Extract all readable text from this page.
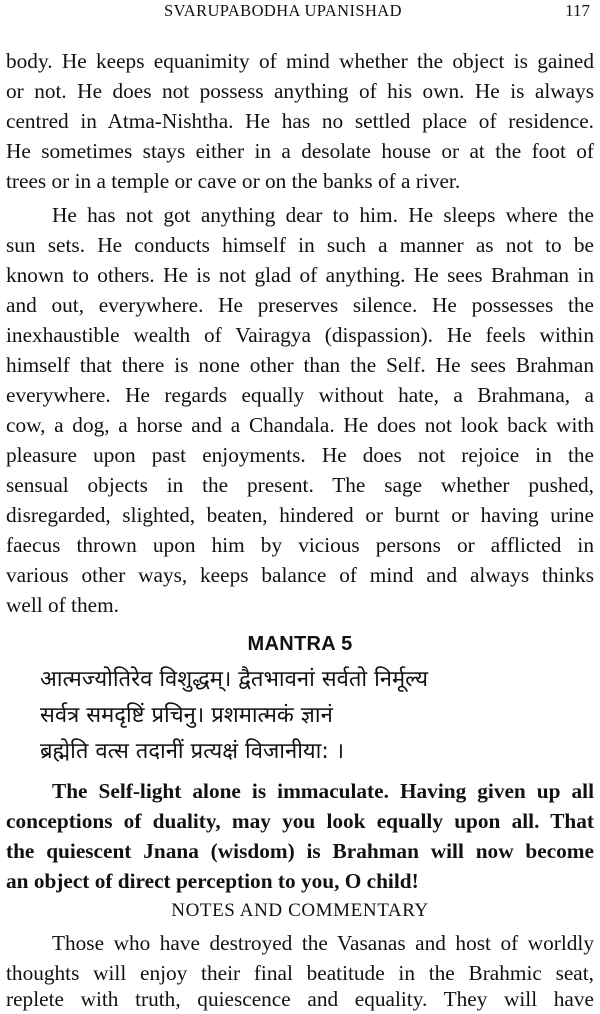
SVARUPABODHA UPANISHAD	117
body. He keeps equanimity of mind whether the object is gained
or not. He does not possess anything of his own. He is always
centred in Atma-Nishtha. He has no settled place of residence.
He sometimes stays either in a desolate house or at the foot of
trees or in a temple or cave or on the banks of a river.
He has not got anything dear to him. He sleeps where the
sun sets. He conducts himself in such a manner as not to be
known to others. He is not glad of anything. He sees Brahman in
and out, everywhere. He preserves silence. He possesses the
inexhaustible wealth of Vairagya (dispassion). He feels within
himself that there is none other than the Self. He sees Brahman
everywhere. He regards equally without hate, a Brahmana, a
cow, a dog, a horse and a Chandala. He does not look back with
pleasure upon past enjoyments. He does not rejoice in the
sensual objects in the present. The sage whether pushed,
disregarded, slighted, beaten, hindered or burnt or having urine
faecus thrown upon him by vicious persons or afflicted in
various other ways, keeps balance of mind and always thinks
well of them.
MANTRA 5
आत्मज्योतिरेव विशुद्धम्। द्वैतभावनां सर्वतो निर्मूल्य
सर्वत्र समदृष्टिं प्रचिनु। प्रशमात्मकं ज्ञानं
ब्रह्मेति वत्स तदानीं प्रत्यक्षं विजानीया: ।
The Self-light alone is immaculate. Having given up all
conceptions of duality, may you look equally upon all. That
the quiescent Jnana (wisdom) is Brahman will now become
an object of direct perception to you, O child!
NOTES AND COMMENTARY
Those who have destroyed the Vasanas and host of worldly
thoughts will enjoy their final beatitude in the Brahmic seat,
replete with truth, quiescence and equality. They will have
